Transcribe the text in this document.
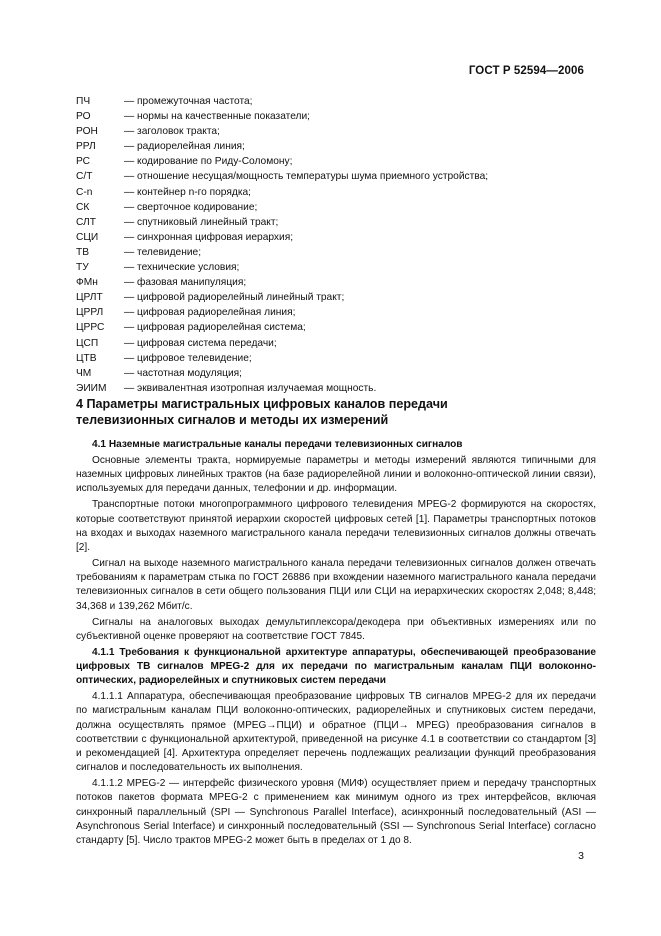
ГОСТ Р 52594—2006
ПЧ	— промежуточная частота;
РО	— нормы на качественные показатели;
РОН	— заголовок тракта;
РРЛ	— радиорелейная линия;
РС	— кодирование по Риду-Соломону;
С/Т	— отношение несущая/мощность температуры шума приемного устройства;
C-n	— контейнер n-го порядка;
СК	— сверточное кодирование;
СЛТ	— спутниковый линейный тракт;
СЦИ	— синхронная цифровая иерархия;
ТВ	— телевидение;
ТУ	— технические условия;
ФМн	— фазовая манипуляция;
ЦРЛТ	— цифровой радиорелейный линейный тракт;
ЦРРЛ	— цифровая радиорелейная линия;
ЦРРС	— цифровая радиорелейная система;
ЦСП	— цифровая система передачи;
ЦТВ	— цифровое телевидение;
ЧМ	— частотная модуляция;
ЭИИМ	— эквивалентная изотропная излучаемая мощность.
4 Параметры магистральных цифровых каналов передачи
телевизионных сигналов и методы их измерений

4.1 Наземные магистральные каналы передачи телевизионных сигналов

Основные элементы тракта, нормируемые параметры и методы измерений являются типичными для наземных цифровых линейных трактов (на базе радиорелейной линии и волоконно-оптической линии связи), используемых для передачи данных, телефонии и др. информации.

Транспортные потоки многопрограммного цифрового телевидения MPEG-2 формируются на скоростях, которые соответствуют принятой иерархии скоростей цифровых сетей [1]. Параметры транспортных потоков на входах и выходах наземного магистрального канала передачи телевизионных сигналов должны отвечать [2].

Сигнал на выходе наземного магистрального канала передачи телевизионных сигналов должен отвечать требованиям к параметрам стыка по ГОСТ 26886 при вхождении наземного магистрального канала передачи телевизионных сигналов в сети общего пользования ПЦИ или СЦИ на иерархических скоростях 2,048; 8,448; 34,368 и 139,262 Мбит/с.

Сигналы на аналоговых выходах демультиплексора/декодера при объективных измерениях или по субъективной оценке проверяют на соответствие ГОСТ 7845.

4.1.1 Требования к функциональной архитектуре аппаратуры, обеспечивающей преобразование цифровых ТВ сигналов MPEG-2 для их передачи по магистральным каналам ПЦИ волоконно-оптических, радиорелейных и спутниковых систем передачи

4.1.1.1 Аппаратура, обеспечивающая преобразование цифровых ТВ сигналов MPEG-2 для их передачи по магистральным каналам ПЦИ волоконно-оптических, радиорелейных и спутниковых систем передачи, должна осуществлять прямое (MPEG→ПЦИ) и обратное (ПЦИ→ MPEG) преобразования сигналов в соответствии с функциональной архитектурой, приведенной на рисунке 4.1 в соответствии со стандартом [3] и рекомендацией [4]. Архитектура определяет перечень подлежащих реализации функций преобразования сигналов и последовательность их выполнения.

4.1.1.2 MPEG-2 — интерфейс физического уровня (МИФ) осуществляет прием и передачу транспортных потоков пакетов формата MPEG-2 с применением как минимум одного из трех интерфейсов, включая синхронный параллельный (SPI — Synchronous Parallel Interface), асинхронный последовательный (ASI — Asynchronous Serial Interface) и синхронный последовательный (SSI — Synchronous Serial Interface) согласно стандарту [5]. Число трактов MPEG-2 может быть в пределах от 1 до 8.

3
